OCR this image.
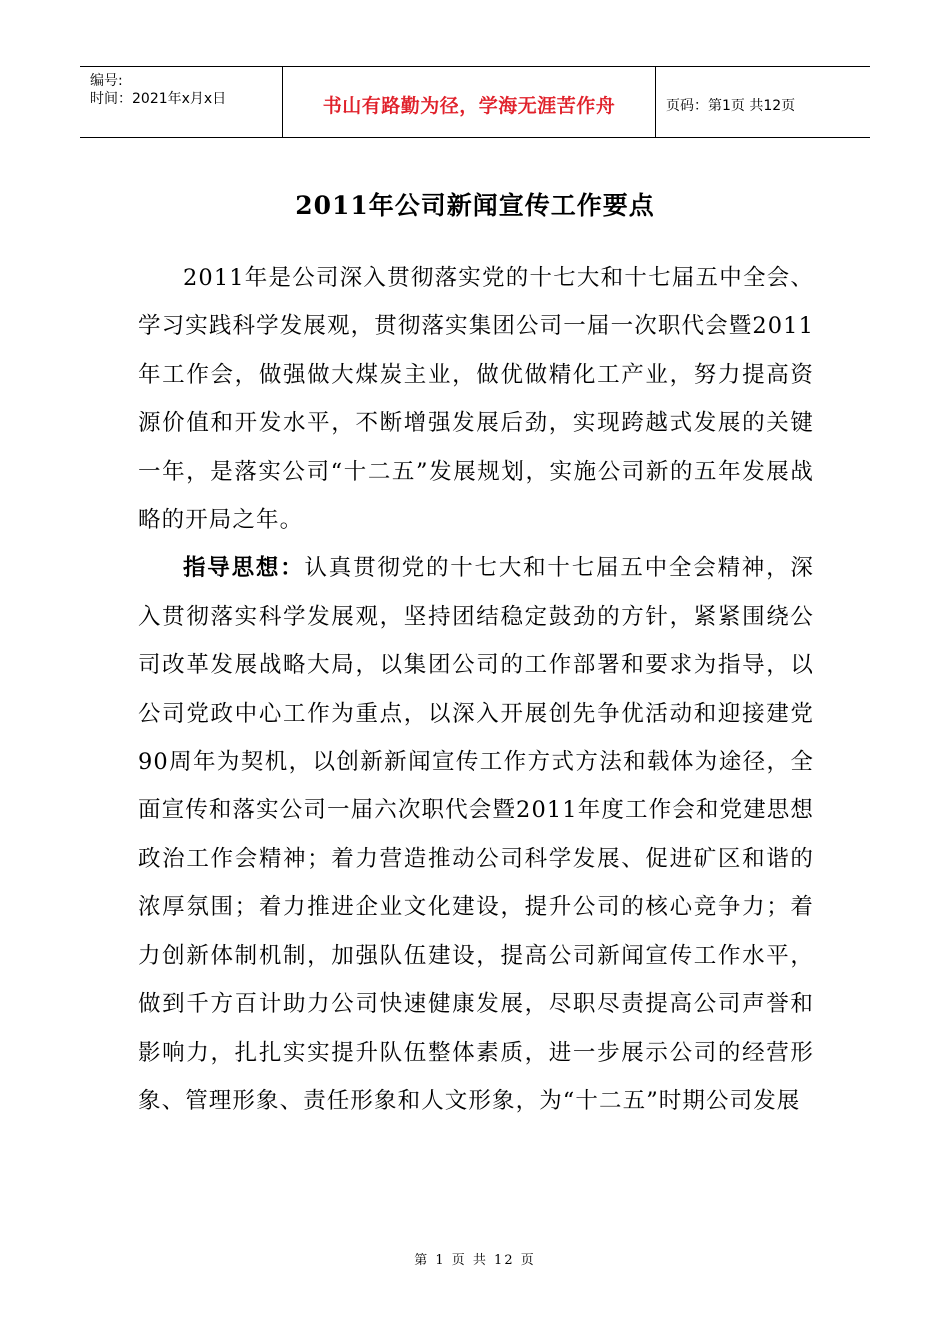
编号:
时间：2021年x月x日	书山有路勤为径，学海无涯苦作舟	页码：第1页 共12页
2011年公司新闻宣传工作要点

2011年是公司深入贯彻落实党的十七大和十七届五中全会、学习实践科学发展观，贯彻落实集团公司一届一次职代会暨2011年工作会，做强做大煤炭主业，做优做精化工产业，努力提高资源价值和开发水平，不断增强发展后劲，实现跨越式发展的关键一年，是落实公司“十二五”发展规划，实施公司新的五年发展战略的开局之年。

指导思想：认真贯彻党的十七大和十七届五中全会精神，深入贯彻落实科学发展观，坚持团结稳定鼓劲的方针，紧紧围绕公司改革发展战略大局，以集团公司的工作部署和要求为指导，以公司党政中心工作为重点，以深入开展创先争优活动和迎接建党90周年为契机，以创新新闻宣传工作方式方法和载体为途径，全面宣传和落实公司一届六次职代会暨2011年度工作会和党建思想政治工作会精神；着力营造推动公司科学发展、促进矿区和谐的浓厚氛围；着力推进企业文化建设，提升公司的核心竞争力；着力创新体制机制，加强队伍建设，提高公司新闻宣传工作水平，做到千方百计助力公司快速健康发展，尽职尽责提高公司声誉和影响力，扎扎实实提升队伍整体素质，进一步展示公司的经营形象、管理形象、责任形象和人文形象，为“十二五”时期公司发展

第 1 页 共 12 页
